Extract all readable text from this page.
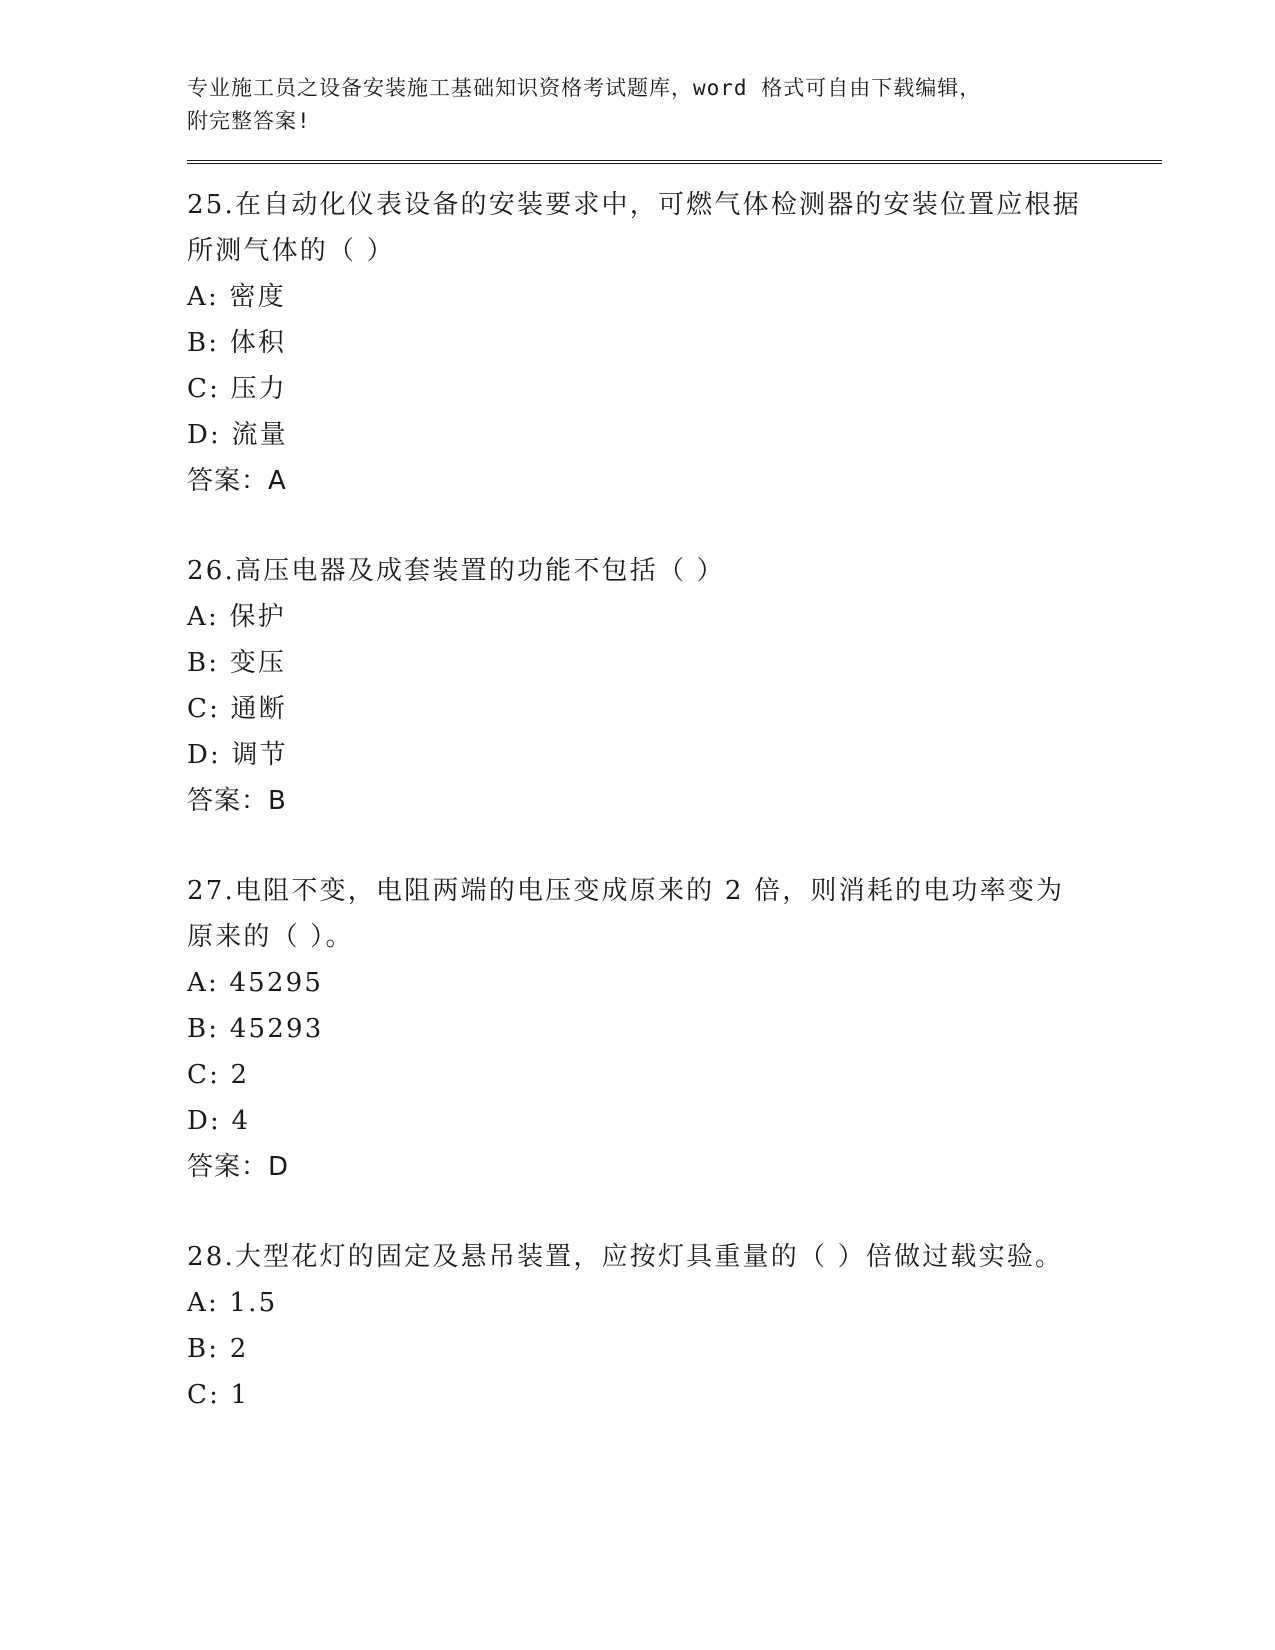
专业施工员之设备安装施工基础知识资格考试题库，word 格式可自由下载编辑，
附完整答案!
25.在自动化仪表设备的安装要求中，可燃气体检测器的安装位置应根据所测气体的（ ）
A: 密度
B: 体积
C: 压力
D: 流量
答案：A
26.高压电器及成套装置的功能不包括（ ）
A: 保护
B: 变压
C: 通断
D: 调节
答案：B
27.电阻不变，电阻两端的电压变成原来的 2 倍，则消耗的电功率变为原来的（ ）。
A: 45295
B: 45293
C: 2
D: 4
答案：D
28.大型花灯的固定及悬吊装置，应按灯具重量的（ ）倍做过载实验。
A: 1.5
B: 2
C: 1
